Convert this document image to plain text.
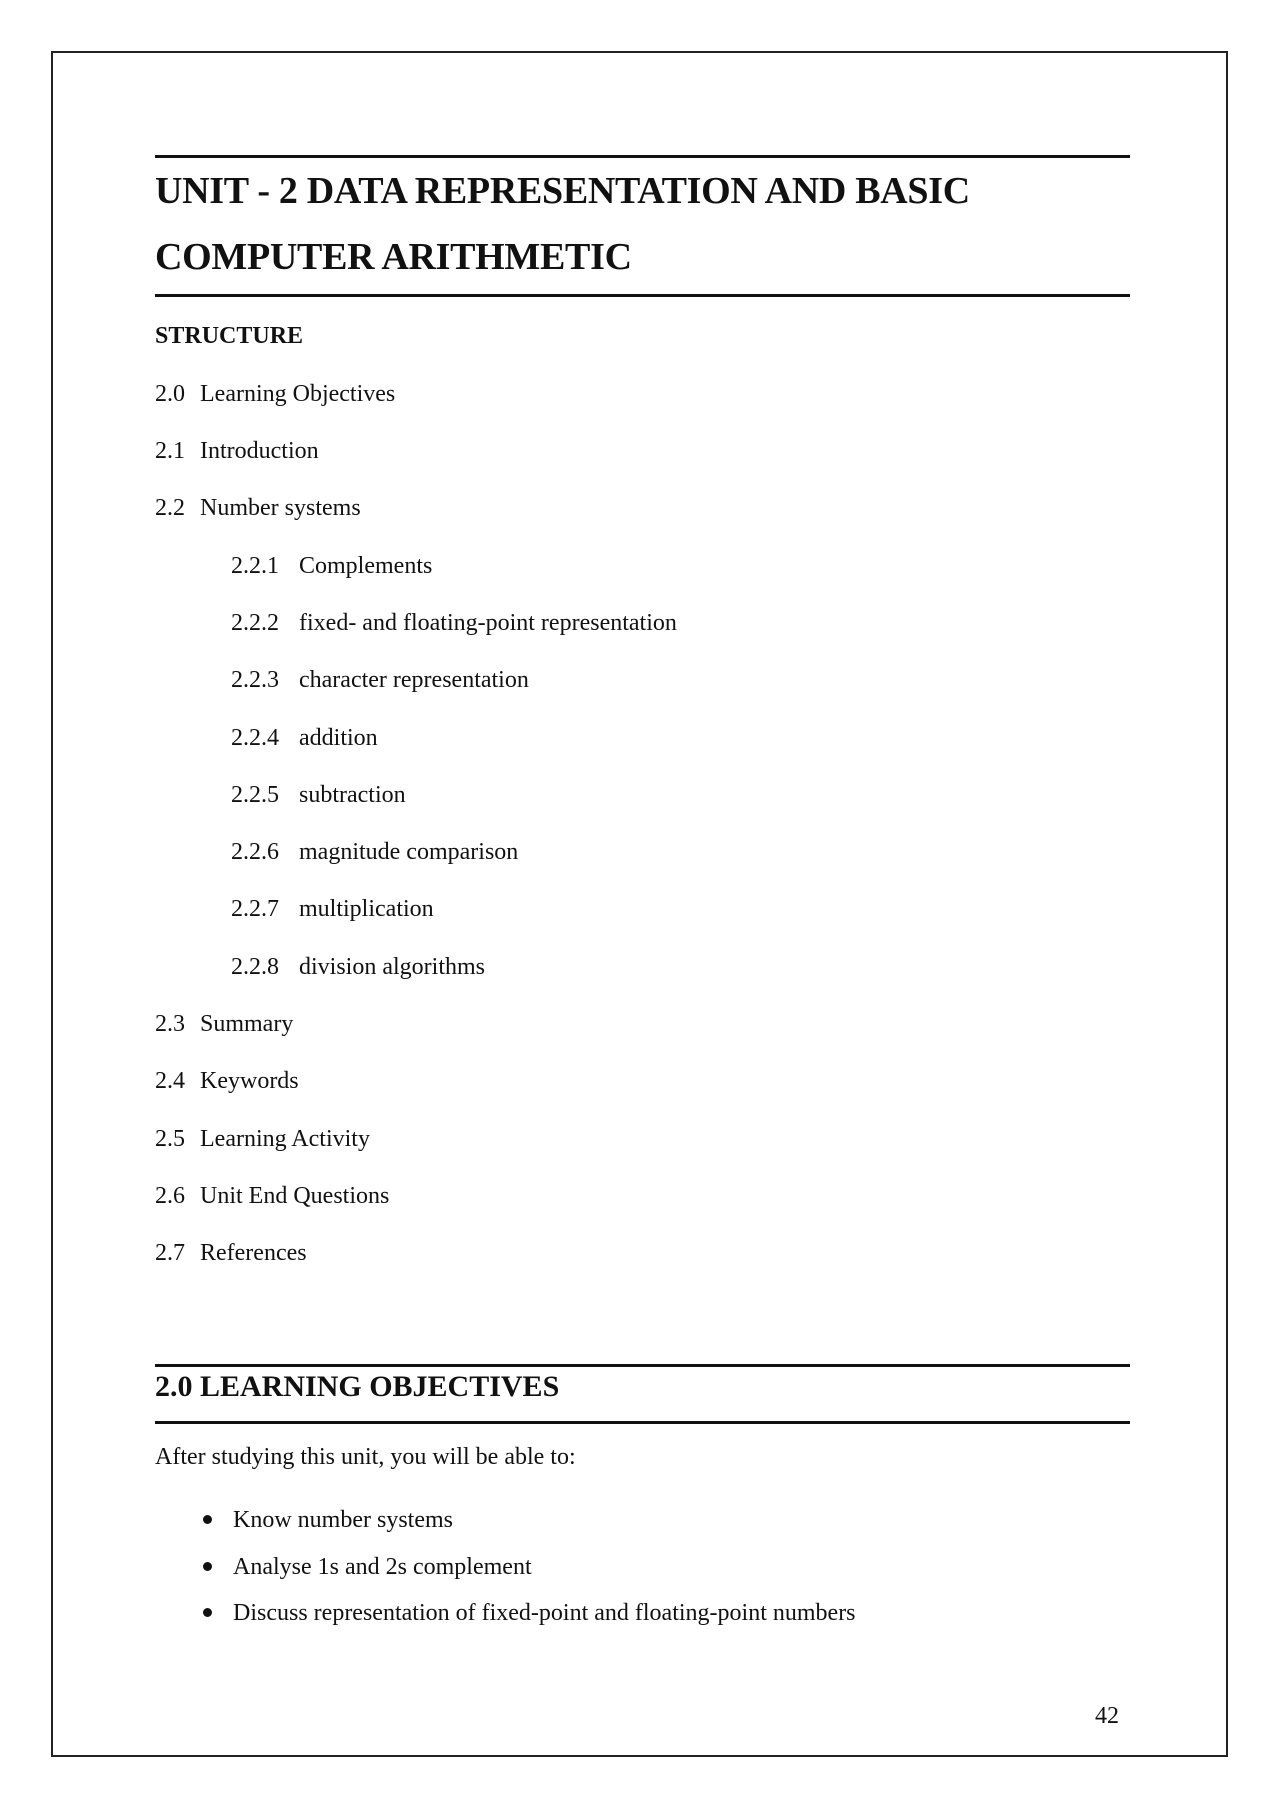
UNIT - 2 DATA REPRESENTATION AND BASIC
COMPUTER ARITHMETIC
STRUCTURE
2.0 Learning Objectives
2.1 Introduction
2.2 Number systems
2.2.1 Complements
2.2.2 fixed- and floating-point representation
2.2.3 character representation
2.2.4 addition
2.2.5 subtraction
2.2.6 magnitude comparison
2.2.7 multiplication
2.2.8 division algorithms
2.3 Summary
2.4 Keywords
2.5 Learning Activity
2.6 Unit End Questions
2.7 References
2.0 LEARNING OBJECTIVES

After studying this unit, you will be able to:

Know number systems
Analyse 1s and 2s complement
Discuss representation of fixed-point and floating-point numbers

42
